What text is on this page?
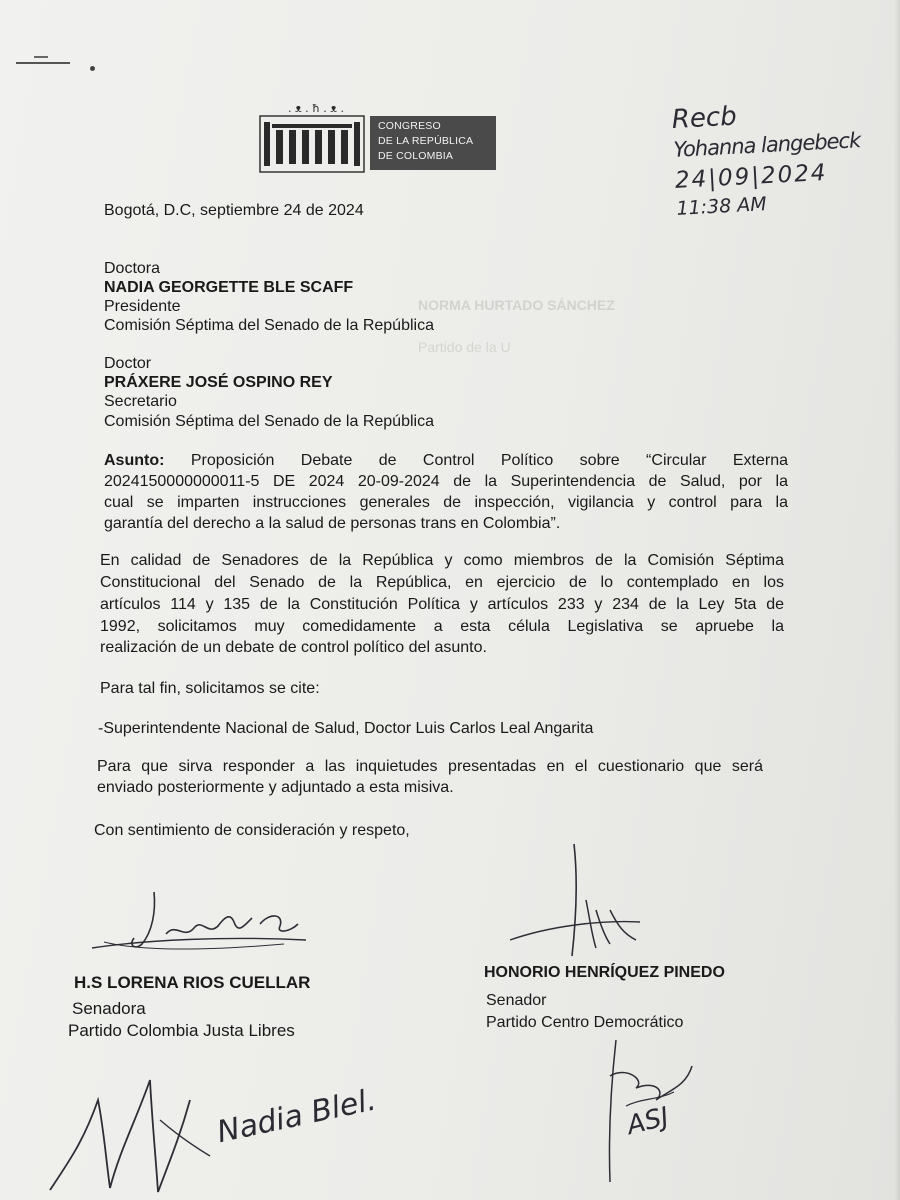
NORMA HURTADO SÁNCHEZ
Partido de la U
. ᴥ . ħ . ᴥ .
CONGRESO
DE LA REPÚBLICA
DE COLOMBIA
Recb
Yohanna langebeck
24|09|2024
11:38 AM
Bogotá, D.C, septiembre 24 de 2024
Doctora
NADIA GEORGETTE BLE SCAFF
Presidente
Comisión Séptima del Senado de la República
Doctor
PRÁXERE JOSÉ OSPINO REY
Secretario
Comisión Séptima del Senado de la República
Asunto: Proposición Debate de Control Político sobre “Circular Externa
2024150000000011-5 DE 2024 20-09-2024 de la Superintendencia de Salud, por la
cual se imparten instrucciones generales de inspección, vigilancia y control para la
garantía del derecho a la salud de personas trans en Colombia”.
En calidad de Senadores de la República y como miembros de la Comisión Séptima
Constitucional del Senado de la República, en ejercicio de lo contemplado en los
artículos 114 y 135 de la Constitución Política y artículos 233 y 234 de la Ley 5ta de
1992, solicitamos muy comedidamente a esta célula Legislativa se apruebe la
realización de un debate de control político del asunto.
Para tal fin, solicitamos se cite:
-Superintendente Nacional de Salud, Doctor Luis Carlos Leal Angarita
Para que sirva responder a las inquietudes presentadas en el cuestionario que será
enviado posteriormente y adjuntado a esta misiva.
Con sentimiento de consideración y respeto,
H.S LORENA RIOS CUELLAR
Senadora
Partido Colombia Justa Libres
HONORIO HENRÍQUEZ PINEDO
Senador
Partido Centro Democrático
Nadia Blel.	ASJ
